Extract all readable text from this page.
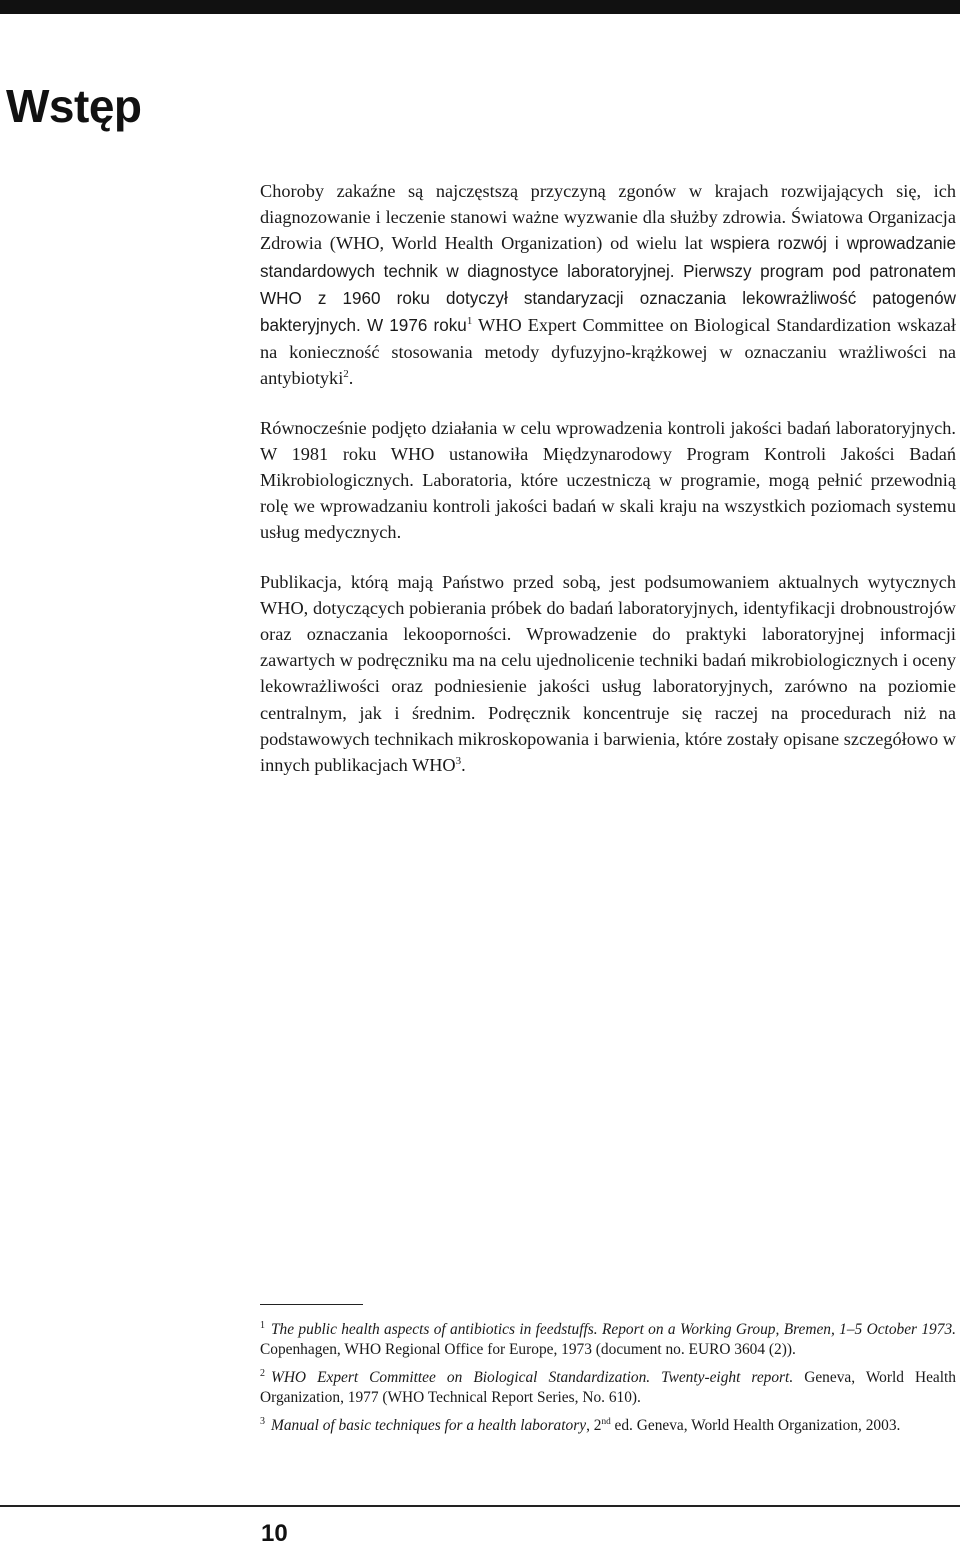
Wstęp

Choroby zakaźne są najczęstszą przyczyną zgonów w krajach rozwijających się, ich diagnozowanie i leczenie stanowi ważne wyzwanie dla służby zdrowia. Światowa Organizacja Zdrowia (WHO, World Health Organization) od wielu lat wspiera rozwój i wprowadzanie standardowych technik w diagnostyce laboratoryjnej. Pierwszy program pod patronatem WHO z 1960 roku dotyczył standaryzacji oznaczania lekowrażliwość patogenów bakteryjnych. W 1976 roku$^1$ WHO Expert Committee on Biological Standardization wskazał na konieczność stosowania metody dyfuzyjno-krążkowej w oznaczaniu wrażliwości na antybiotyki$^2$.

Równocześnie podjęto działania w celu wprowadzenia kontroli jakości badań laboratoryjnych. W 1981 roku WHO ustanowiła Międzynarodowy Program Kontroli Jakości Badań Mikrobiologicznych. Laboratoria, które uczestniczą w programie, mogą pełnić przewodnią rolę we wprowadzaniu kontroli jakości badań w skali kraju na wszystkich poziomach systemu usług medycznych.

Publikacja, którą mają Państwo przed sobą, jest podsumowaniem aktualnych wytycznych WHO, dotyczących pobierania próbek do badań laboratoryjnych, identyfikacji drobnoustrojów oraz oznaczania lekooporności. Wprowadzenie do praktyki laboratoryjnej informacji zawartych w podręczniku ma na celu ujednolicenie techniki badań mikrobiologicznych i oceny lekowrażliwości oraz podniesienie jakości usług laboratoryjnych, zarówno na poziomie centralnym, jak i średnim. Podręcznik koncentruje się raczej na procedurach niż na podstawowych technikach mikroskopowania i barwienia, które zostały opisane szczegółowo w innych publikacjach WHO$^3$.

$^1$ The public health aspects of antibiotics in feedstuffs. Report on a Working Group, Bremen, 1–5 October 1973. Copenhagen, WHO Regional Office for Europe, 1973 (document no. EURO 3604 (2)).

$^2$ WHO Expert Committee on Biological Standardization. Twenty-eight report. Geneva, World Health Organization, 1977 (WHO Technical Report Series, No. 610).

$^3$ Manual of basic techniques for a health laboratory, 2nd ed. Geneva, World Health Organization, 2003.

10
